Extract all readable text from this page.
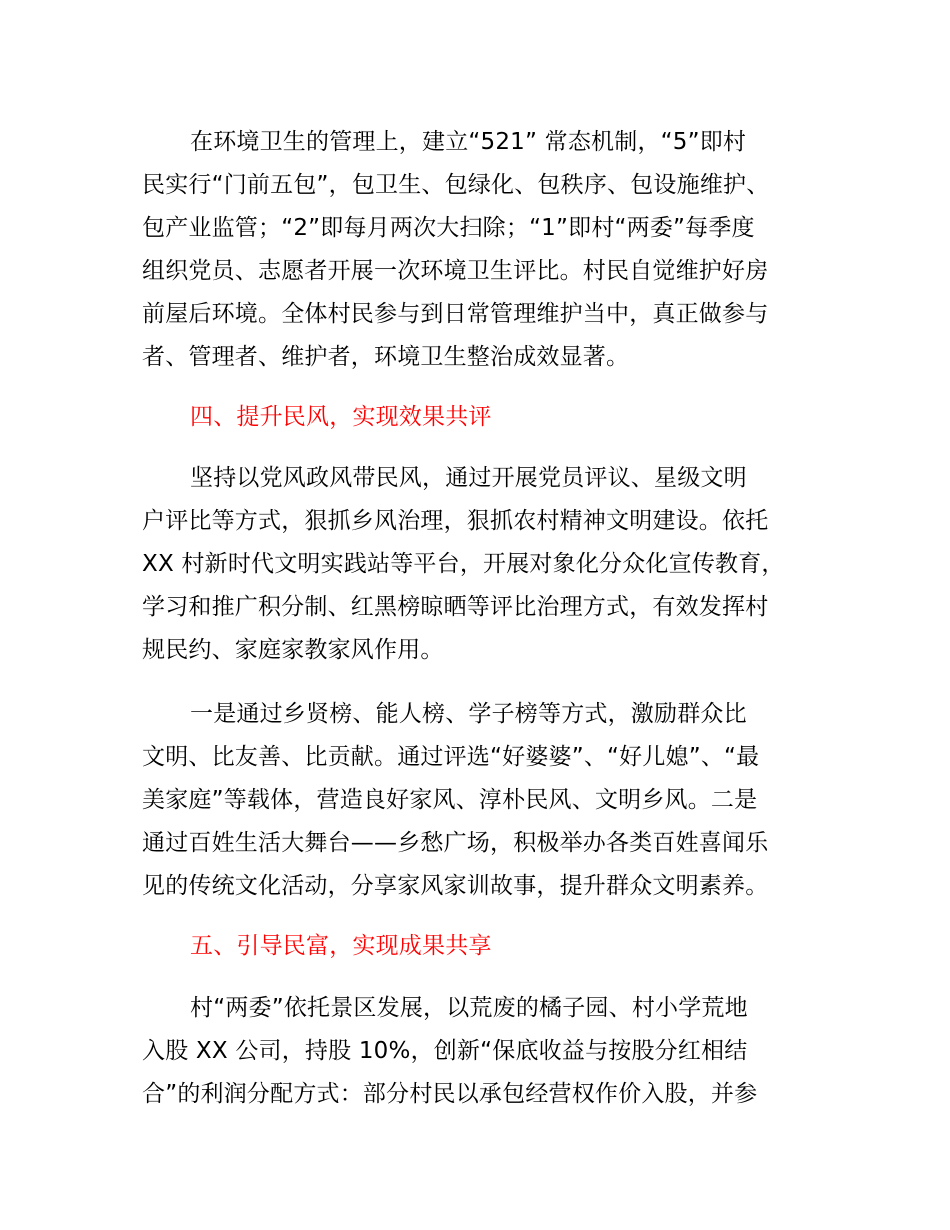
在环境卫生的管理上，建立“521” 常态机制，“5”即村
民实行“门前五包”，包卫生、包绿化、包秩序、包设施维护、
包产业监管；“2”即每月两次大扫除；“1”即村“两委”每季度
组织党员、志愿者开展一次环境卫生评比。村民自觉维护好房
前屋后环境。全体村民参与到日常管理维护当中，真正做参与
者、管理者、维护者，环境卫生整治成效显著。
四、提升民风，实现效果共评
坚持以党风政风带民风，通过开展党员评议、星级文明
户评比等方式，狠抓乡风治理，狠抓农村精神文明建设。依托
XX 村新时代文明实践站等平台，开展对象化分众化宣传教育，
学习和推广积分制、红黑榜晾晒等评比治理方式，有效发挥村
规民约、家庭家教家风作用。
一是通过乡贤榜、能人榜、学子榜等方式，激励群众比
文明、比友善、比贡献。通过评选“好婆婆”、“好儿媳”、“最
美家庭”等载体，营造良好家风、淳朴民风、文明乡风。二是
通过百姓生活大舞台——乡愁广场，积极举办各类百姓喜闻乐
见的传统文化活动，分享家风家训故事，提升群众文明素养。
五、引导民富，实现成果共享
村“两委”依托景区发展，以荒废的橘子园、村小学荒地
入股 XX 公司，持股 10%，创新“保底收益与按股分红相结
合”的利润分配方式：部分村民以承包经营权作价入股，并参
